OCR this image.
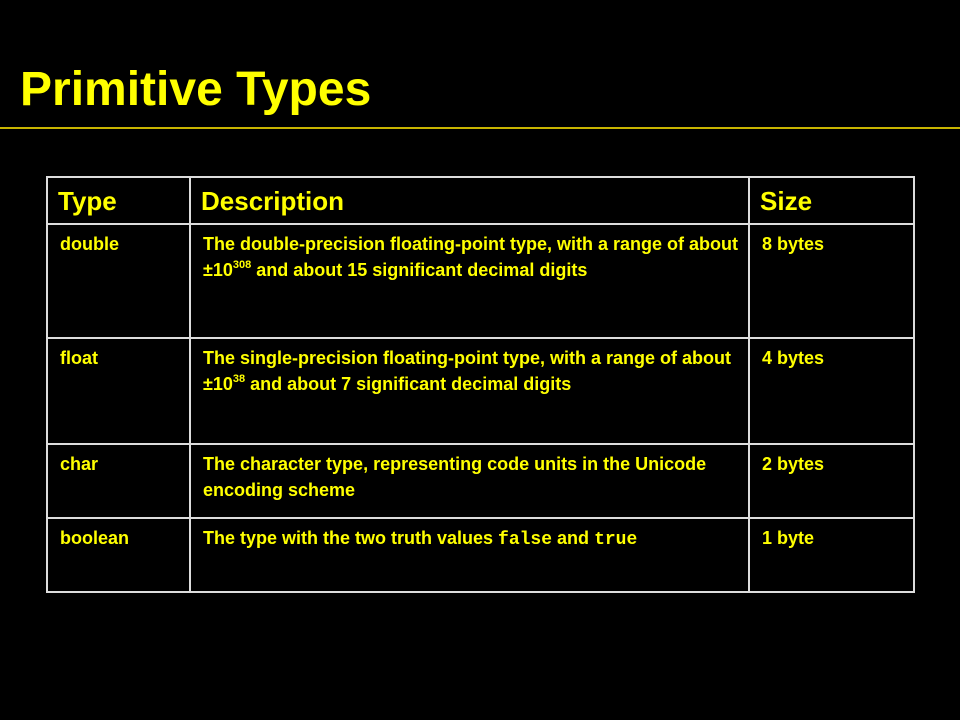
Primitive Types
Type	Description	Size
double	The double-precision floating-point type, with a range of about $\pm 10^{308}$ and about 15 significant decimal digits	8 bytes
float	The single-precision floating-point type, with a range of about $\pm 10^{38}$ and about 7 significant decimal digits	4 bytes
char	The character type, representing code units in the Unicode encoding scheme	2 bytes
boolean	The type with the two truth values false and true	1 byte
